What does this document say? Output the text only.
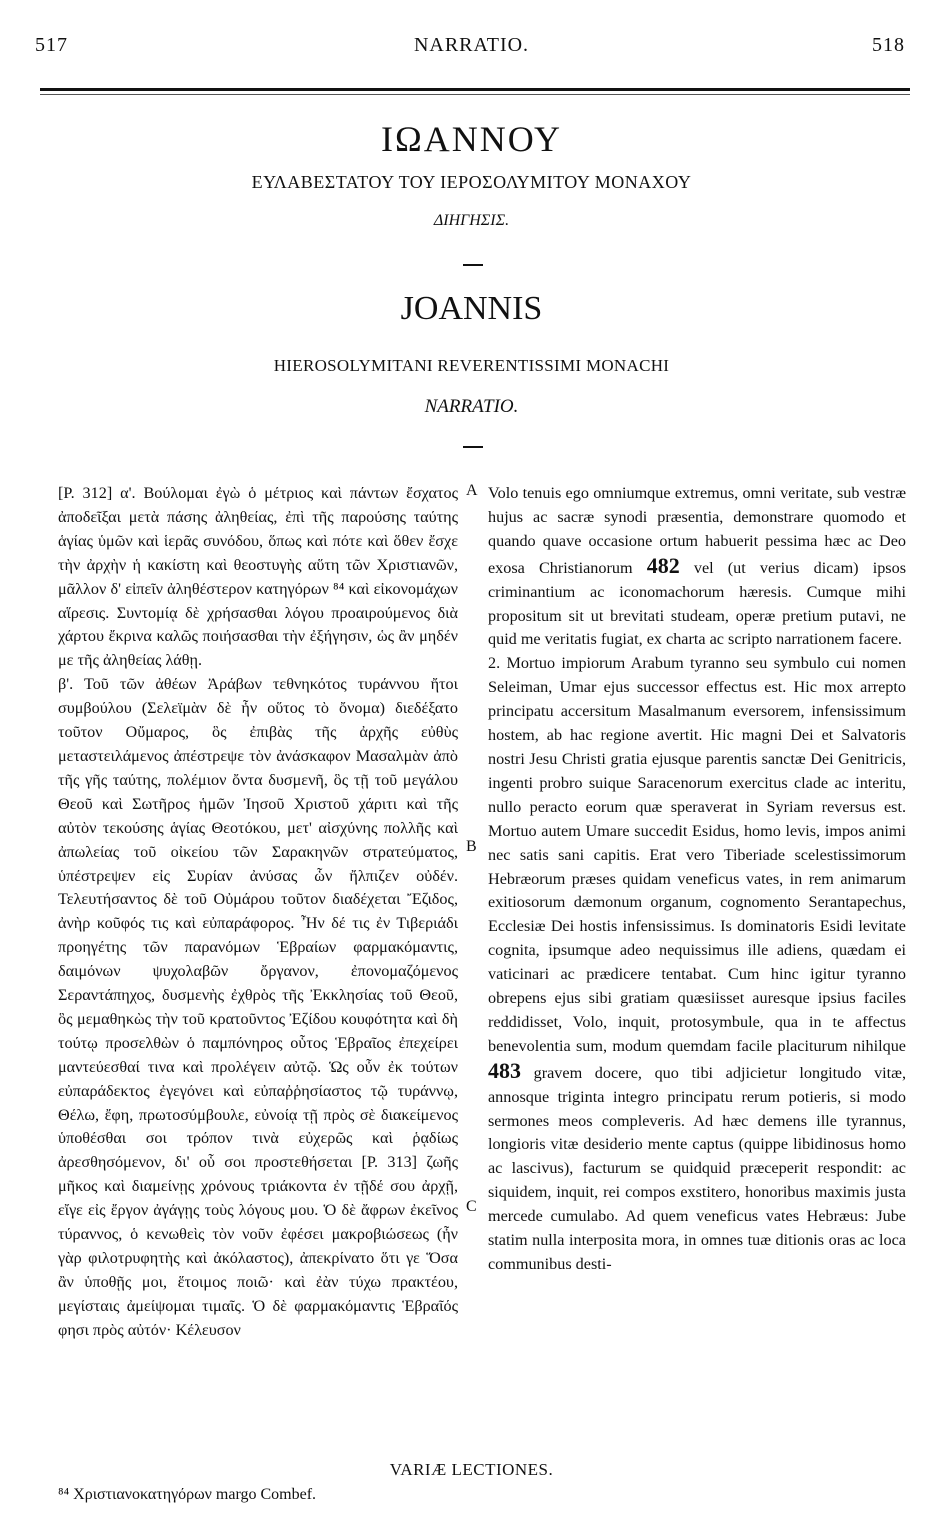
517	NARRATIO.	518
ΙΩΑΝΝΟΥ
ΕΥΛΑΒΕΣΤΑΤΟΥ ΤΟΥ ΙΕΡΟΣΟΛΥΜΙΤΟΥ ΜΟΝΑΧΟΥ
ΔΙΗΓΗΣΙΣ.
JOANNIS
HIEROSOLYMITANI REVERENTISSIMI MONACHI
NARRATIO.

[P. 312] α'. Βούλομαι ἐγὼ ὁ μέτριος καὶ πάντων ἔσχατος ἀποδεῖξαι μετὰ πάσης ἀληθείας, ἐπὶ τῆς παρούσης ταύτης ἁγίας ὑμῶν καὶ ἱερᾶς συνόδου, ὅπως καὶ πότε καὶ ὅθεν ἔσχε τὴν ἀρχὴν ἡ κακίστη καὶ θεοστυγὴς αὕτη τῶν Χριστιανῶν, μᾶλλον δ' εἰπεῖν ἀληθέστερον κατηγόρων ⁸⁴ καὶ εἰκονομάχων αἵρεσις. Συντομίᾳ δὲ χρήσασθαι λόγου προαιρούμενος διὰ χάρτου ἔκρινα καλῶς ποιήσασθαι τὴν ἐξήγησιν, ὡς ἂν μηδέν με τῆς ἀληθείας λάθῃ.

β'. Τοῦ τῶν ἀθέων Ἀράβων τεθνηκότος τυράννου ἤτοι συμβούλου (Σελεϊμὰν δὲ ἦν οὕτος τὸ ὄνομα) διεδέξατο τοῦτον Οὔμαρος, ὃς ἐπιβὰς τῆς ἀρχῆς εὐθὺς μεταστειλάμενος ἀπέστρεψε τὸν ἀνάσκαφον Μασαλμὰν ἀπὸ τῆς γῆς ταύτης, πολέμιον ὄντα δυσμενῆ, ὃς τῇ τοῦ μεγάλου Θεοῦ καὶ Σωτῆρος ἡμῶν Ἰησοῦ Χριστοῦ χάριτι καὶ τῆς αὐτὸν τεκούσης ἁγίας Θεοτόκου, μετ' αἰσχύνης πολλῆς καὶ ἀπωλείας τοῦ οἰκείου τῶν Σαρακηνῶν στρατεύματος, ὑπέστρεψεν εἰς Συρίαν ἀνύσας ὧν ἤλπιζεν οὐδέν. Τελευτήσαντος δὲ τοῦ Οὐμάρου τοῦτον διαδέχεται Ἔζιδος, ἀνὴρ κοῦφός τις καὶ εὐπαράφορος. Ἦν δέ τις ἐν Τιβεριάδι προηγέτης τῶν παρανόμων Ἑβραίων φαρμακόμαντις, δαιμόνων ψυχολαβῶν ὄργανον, ἐπονομαζόμενος Σεραντάπηχος, δυσμενὴς ἐχθρὸς τῆς Ἐκκλησίας τοῦ Θεοῦ, ὃς μεμαθηκὼς τὴν τοῦ κρατοῦντος Ἐζίδου κουφότητα καὶ δὴ τούτῳ προσελθὼν ὁ παμπόνηρος οὗτος Ἑβραῖος ἐπεχείρει μαντεύεσθαί τινα καὶ προλέγειν αὐτῷ. Ὡς οὖν ἐκ τούτων εὐπαράδεκτος ἐγεγόνει καὶ εὐπαῤῥησίαστος τῷ τυράννῳ, Θέλω, ἔφη, πρωτοσύμβουλε, εὐνοίᾳ τῇ πρὸς σὲ διακείμενος ὑποθέσθαι σοι τρόπον τινὰ εὐχερῶς καὶ ῥᾳδίως ἀρεσθησόμενον, δι' οὗ σοι προστεθήσεται [P. 313] ζωῆς μῆκος καὶ διαμείνῃς χρόνους τριάκοντα ἐν τῇδέ σου ἀρχῇ, εἴγε εἰς ἔργον ἀγάγῃς τοὺς λόγους μου. Ὁ δὲ ἄφρων ἐκεῖνος τύραννος, ὁ κενωθεὶς τὸν νοῦν ἐφέσει μακροβιώσεως (ἦν γὰρ φιλοτρυφητὴς καὶ ἀκόλαστος), ἀπεκρίνατο ὅτι γε Ὅσα ἂν ὑποθῇς μοι, ἕτοιμος ποιῶ· καὶ ἐὰν τύχω πρακτέου, μεγίσταις ἀμείψομαι τιμαῖς. Ὁ δὲ φαρμακόμαντις Ἑβραῖός φησι πρὸς αὐτόν· Κέλευσον

A
B
C

Volo tenuis ego omniumque extremus, omni veritate, sub vestræ hujus ac sacræ synodi præsentia, demonstrare quomodo et quando quave occasione ortum habuerit pessima hæc ac Deo exosa Christianorum 482 vel (ut verius dicam) ipsos criminantium ac iconomachorum hæresis. Cumque mihi propositum sit ut brevitati studeam, operæ pretium putavi, ne quid me veritatis fugiat, ex charta ac scripto narrationem facere.

2. Mortuo impiorum Arabum tyranno seu symbulo cui nomen Seleiman, Umar ejus successor effectus est. Hic mox arrepto principatu accersitum Masalmanum eversorem, infensissimum hostem, ab hac regione avertit. Hic magni Dei et Salvatoris nostri Jesu Christi gratia ejusque parentis sanctæ Dei Genitricis, ingenti probro suique Saracenorum exercitus clade ac interitu, nullo peracto eorum quæ speraverat in Syriam reversus est. Mortuo autem Umare succedit Esidus, homo levis, impos animi nec satis sani capitis. Erat vero Tiberiade scelestissimorum Hebræorum præses quidam veneficus vates, in rem animarum exitiosorum dæmonum organum, cognomento Serantapechus, Ecclesiæ Dei hostis infensissimus. Is dominatoris Esidi levitate cognita, ipsumque adeo nequissimus ille adiens, quædam ei vaticinari ac prædicere tentabat. Cum hinc igitur tyranno obrepens ejus sibi gratiam quæsiisset auresque ipsius faciles reddidisset, Volo, inquit, protosymbule, qua in te affectus benevolentia sum, modum quemdam facile placiturum nihilque 483 gravem docere, quo tibi adjicietur longitudo vitæ, annosque triginta integro principatu rerum potieris, si modo sermones meos compleveris. Ad hæc demens ille tyrannus, longioris vitæ desiderio mente captus (quippe libidinosus homo ac lascivus), facturum se quidquid præceperit respondit: ac siquidem, inquit, rei compos exstitero, honoribus maximis justa mercede cumulabo. Ad quem veneficus vates Hebræus: Jube statim nulla interposita mora, in omnes tuæ ditionis oras ac loca communibus desti-

VARIÆ LECTIONES.
⁸⁴ Χριστιανοκατηγόρων margo Combef.
